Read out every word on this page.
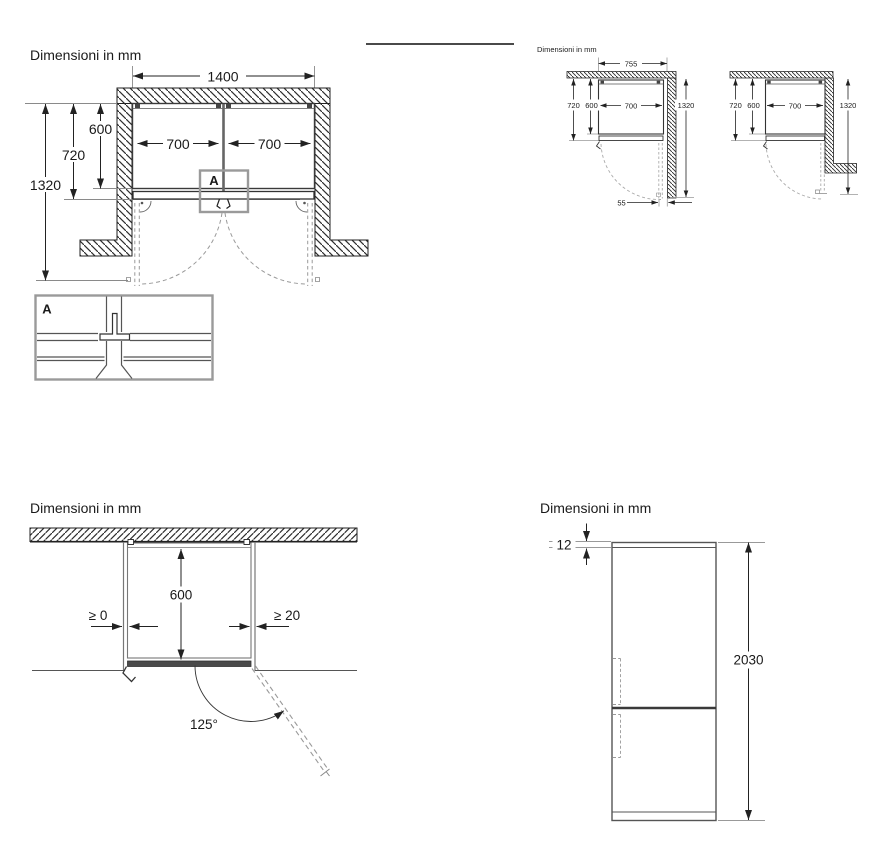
Dimensioni in mm	Dimensioni in mm
Dimensioni in mm	Dimensioni in mm
1400
700	700
600
720
1320	A
A
755
720 600	700	1320
55
720 600	700	1320
600
≥ 0	≥ 20
125°
12
2030
